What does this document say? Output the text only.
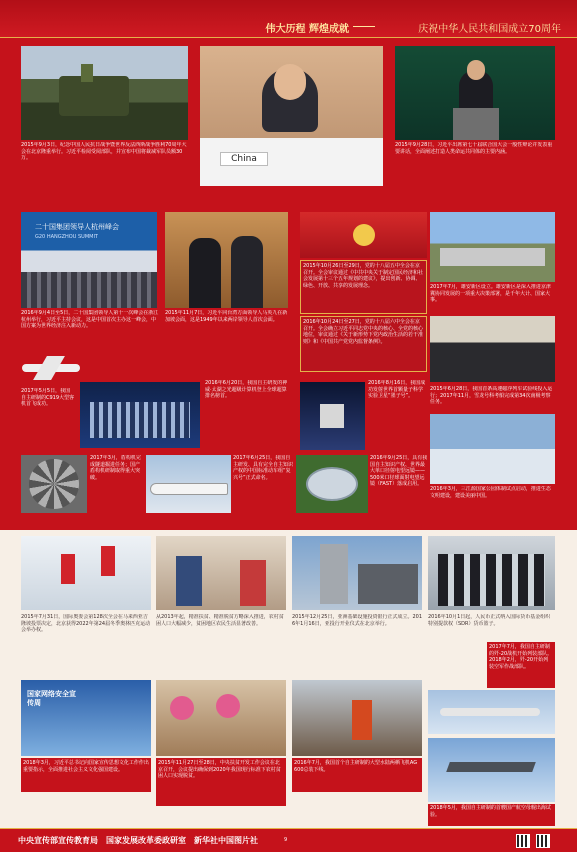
伟大历程 辉煌成就	庆祝中华人民共和国成立70周年
China
2015年9月3日，纪念中国人民抗日战争暨世界反法西斯战争胜利70周年大会在北京隆重举行。习近平检阅受阅部队，并宣布中国将裁减军队员额30万。
2015年9月28日，习近平出席第七十届联合国大会一般性辩论并发表重要讲话，全面阐述打造人类命运共同体的主要内涵。
二十国集团领导人杭州峰会
G20 HANGZHOU SUMMIT
2015年10月26日至29日，党的十八届五中全会在京召开。全会审议通过《中共中央关于制定国民经济和社会发展第十三个五年规划的建议》，提出创新、协调、绿色、开放、共享的发展理念。
2016年10月24日至27日，党的十八届六中全会在京召开。全会确立习近平同志党中央的核心、全党的核心地位，审议通过《关于新形势下党内政治生活的若干准则》和《中国共产党党内监督条例》。
2017年7月，雄安新区设立。雄安新区是深入推进京津冀协同发展的一项重大决策部署，是千年大计、国家大事。
2016年9月4日至5日，二十国集团领导人第十一次峰会在浙江杭州举行，习近平主持会议，这是中国首次主办这一峰会，中国方案为世界经济注入新动力。
2015年11月7日，习近平同台湾方面领导人马英九在新加坡会面，这是1949年以来两岸领导人首次会面。
2017年5月5日，我国自主研制的C919大型客机首飞成功。
2016年6月20日，我国自主研发的神威·太湖之光超级计算机登上全球超算排名榜首。
2016年8月16日，我国成功发射世界首颗量子科学实验卫星“墨子号”。
2015年6月28日，我国首条高速磁浮列车试验线投入运行；2017年11月，雪龙号科考船完成第34次南极考察任务。
2017年3月，盾构机完成隧道掘进任务；国产盾构机研制取得重大突破。
2017年6月25日，我国自主研发、具有完全自主知识产权的中国标准动车组“复兴号”正式命名。
2016年9月25日，具有我国自主知识产权、世界最大单口径射电望远镜——500米口径球面射电望远镜（FAST）落成启用。
2016年3月，三江源国家公园体制试点启动，推进生态文明建设，建设美丽中国。
2015年7月31日，国际奥委会第128次全会在马来西亚吉隆坡投票决定，北京获得2022年第24届冬季奥林匹克运动会举办权。
从2013年起，精准扶贫、精准脱贫方略深入推进，农村贫困人口大幅减少，贫困地区农民生活显著改善。
2015年12月25日，亚洲基础设施投资银行正式成立。2016年1月16日，亚投行开业仪式在北京举行。
2016年10月1日起，人民币正式纳入国际货币基金组织特别提款权（SDR）货币篮子。
国家网络安全宣传周
2018年3月，习近平总书记向国家宣传思想文化工作作出重要指示，全面推进社会主义文化强国建设。
2015年11月27日至28日，中央扶贫开发工作会议在北京召开，会议提出确保到2020年我国现行标准下农村贫困人口实现脱贫。
2016年7月，我国首个自主研制的大型水陆两栖飞机AG600总装下线。
2017年7月，我国自主研制的歼-20战机开始列装部队。2018年2月，歼-20开始列装空军作战部队。
2018年5月，我国自主研制的首艘国产航空母舰出海试验。
中央宣传部宣传教育局　国家发展改革委政研室　新华社中国图片社	9
